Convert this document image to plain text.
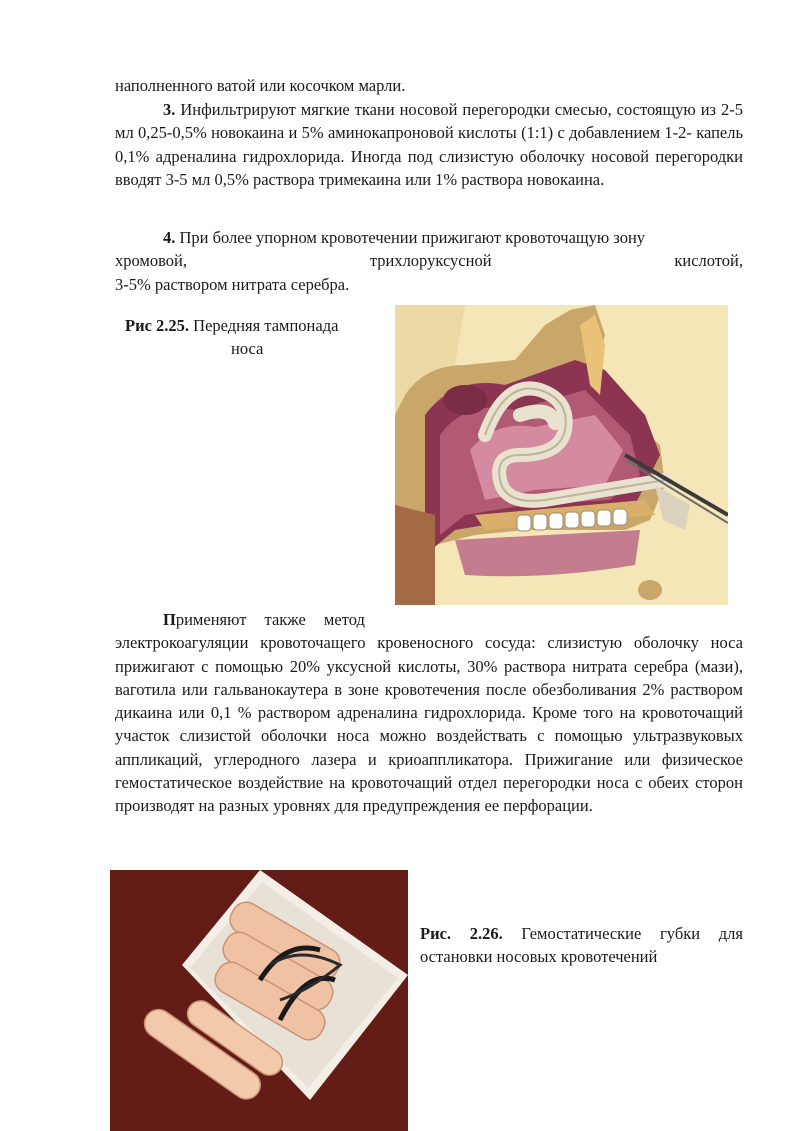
наполненного ватой или косочком марли.

3. Инфильтрируют мягкие ткани носовой перегородки смесью, состоящую из 2-5 мл 0,25-0,5% новокаина и 5% аминокапроновой кислоты (1:1) с добавлением 1-2- капель 0,1% адреналина гидрохлорида. Иногда под слизистую оболочку носовой перегородки вводят 3-5 мл 0,5% раствора тримекаина или 1% раствора новокаина.

4. При более упорном кровотечении прижигают кровоточащую зону
хромовой, трихлоруксусной кислотой,
3-5% раствором нитрата серебра.

Рис 2.25. Передняя тампонада
носа

Применяют также метод
электрокоагуляции кровоточащего кровеносного сосуда: слизистую оболочку носа прижигают с помощью 20% уксусной кислоты, 30% раствора нитрата серебра (мази), ваготила или гальванокаутера в зоне кровотечения после обезболивания 2% раствором дикаина или 0,1 % раствором адреналина гидрохлорида. Кроме того на кровоточащий участок слизистой оболочки носа можно воздействать с помощью ультразвуковых аппликаций, углеродного лазера и криоаппликатора. Прижигание или физическое гемостатическое воздействие на кровоточащий отдел перегородки носа с обеих сторон производят на разных уровнях для предупреждения ее перфорации.

Рис. 2.26. Гемостатические губки для остановки носовых кровотечений
